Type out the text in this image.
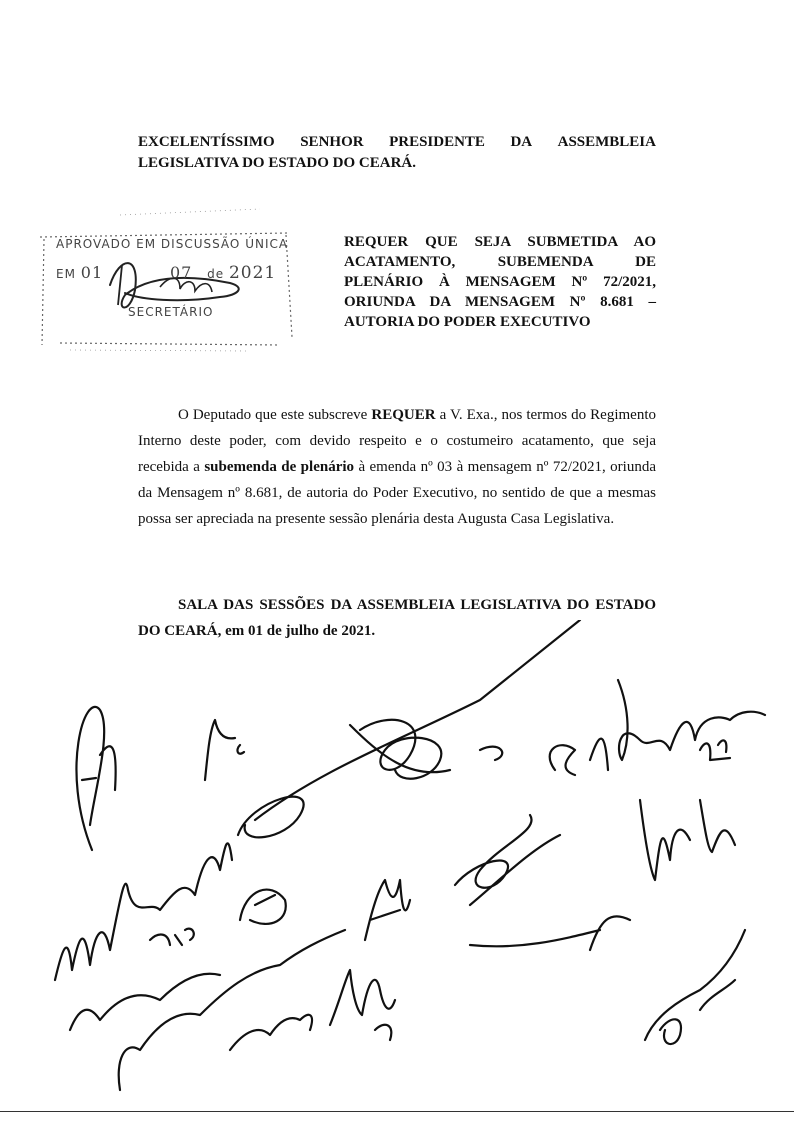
EXCELENTÍSSIMO SENHOR PRESIDENTE DA ASSEMBLEIA
LEGISLATIVA DO ESTADO DO CEARÁ.
APROVADO EM DISCUSSÃO ÚNICA
EM 01	07 de 2021
SECRETÁRIO
REQUER QUE SEJA SUBMETIDA AO
ACATAMENTO, SUBEMENDA DE
PLENÁRIO À MENSAGEM Nº 72/2021,
ORIUNDA DA MENSAGEM Nº 8.681 –
AUTORIA DO PODER EXECUTIVO
O Deputado que este subscreve REQUER a V. Exa., nos termos do Regimento Interno deste poder, com devido respeito e o costumeiro acatamento, que seja recebida a subemenda de plenário à emenda nº 03 à mensagem nº 72/2021, oriunda da Mensagem nº 8.681, de autoria do Poder Executivo, no sentido de que a mesmas possa ser apreciada na presente sessão plenária desta Augusta Casa Legislativa.
SALA DAS SESSÕES DA ASSEMBLEIA LEGISLATIVA DO ESTADO DO CEARÁ, em 01 de julho de 2021.
